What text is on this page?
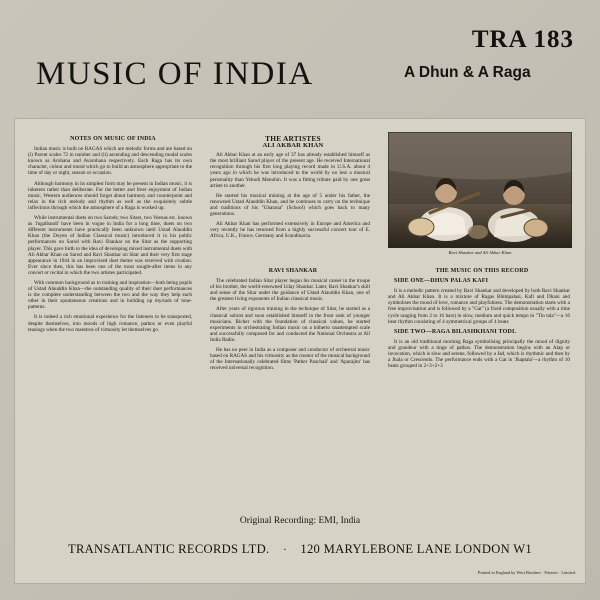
TRA 183
MUSIC OF INDIA	A Dhun & A Raga

NOTES ON MUSIC OF INDIA

Indian music is built on RAGAS which are melodic forms and are based on (i) Parent scales 72 in number and (ii) ascending and descending modal scales known as Arohana and Avarohana respectively. Each Raga has its own character, colour and mood which go to build an atmosphere appropriate to the time of day or night, season or occasion.

Although harmony in its simplest form may be present in Indian music, it is inherent rather than deliberate. For the better and freer enjoyment of Indian music, Western audiences should forget about harmony and counterpoint and relax in the rich melody and rhythm as well as the exquisitely subtle inflections through which the atmosphere of a Raga is worked up.

While instrumental duets on two Sarods; two Sitars, two Veenas etc. known as 'Jugalbandi' have been in vogue in India for a long time, duets on two different instruments have practically been unknown until Ustad Alauddin Khan (the Doyen of Indian Classical music) introduced it in his public performances on Sarod with Ravi Shankar on the Sitar as the supporting player. This gave birth to the idea of developing mixed instrumental duets with Ali Akbar Khan on Sarod and Ravi Shankar on Sitar and their very first stage appearance in 1944 in an improvised duet theme was received with ovation. Ever since then, this has been one of the most sought-after items in any concert or recital in which the two artistes participated.

With common background as to training and inspiration—both being pupils of Ustad Alauddin Khan—the outstanding quality of their duet performances is the complete understanding between the two and the way they help each other in their spontaneous creations and in building up myriads of tone-patterns.

It is indeed a rich emotional experience for the listeners to be transported, despite themselves, into moods of high romance, pathos or even playful teasings when the two maestros of virtuosity let themselves go.

THE ARTISTES

ALI AKBAR KHAN

Ali Akbar Khan at an early age of 37 has already established himself as the most brilliant Sarod player of the present age. He received International recognition through his first long playing record made in U.S.A. about 4 years ago in which he was introduced to the world by no less a musical personality than Yehudi Menuhin. It was a fitting tribute paid by one great artiste to another.

He started his musical training at the age of 5 under his father, the renowned Ustad Alauddin Khan, and he continues to carry on the technique and traditions of his "Gharana" (School) which goes back to many generations.

Ali Akbar Khan has performed extensively in Europe and America and very recently he has returned from a highly successful concert tour of E. Africa, U.K., France, Germany and Scandinavia.

RAVI SHANKAR

The celebrated Indian Sitar player began his musical career in the troupe of his brother, the world-renowned Uday Shankar. Later, Ravi Shankar's skill and sense of the Sitar under the guidance of Ustad Alauddin Khan, one of the greatest living exponents of Indian classical music.

After years of rigorous training in the technique of Sitar, he started as a classical soloist and soon established himself in the front rank of younger musicians. Richer with the foundation of classical values, he started experiments in orchestrating Indian music on a hitherto unattempted scale and successfully composed for and conducted the National Orchestra at All India Radio.

He has no peer in India as a composer and conductor of orchestral music based on RAGAS and his virtuosity as the creator of the musical background of the Internationally celebrated films 'Pather Panchali' and 'Aparajito' has received universal recognition.

Ravi Shankar and Ali Akbar Khan

THE MUSIC ON THIS RECORD

SIDE ONE—DHUN PALAS KAFI

It is a melodic pattern created by Ravi Shankar and developed by both Ravi Shankar and Ali Akbar Khan. It is a mixture of Ragas Bhimpalasi, Kafi and Dhani and symbolises the mood of love, romance and playfulness. The demonstration starts with a free improvisation and is followed by a "Gat" (a fixed composition usually with a time cycle ranging from 2 to 16 bars) in slow, medium and quick tempo in "Tin tala"—a 16 beat rhythm consisting of 4 symmetrical groups of 4 beats

SIDE TWO—RAGA BILASHKHANI TODI.

It is an old traditional morning Raga symbolising principally the mood of dignity and grandeur with a tinge of pathos. The demonstration begins with an Alap or invocation, which is slow and serene, followed by a Jad, which is rhythmic and then by a Jhala or Crescendo. The performance ends with a Gat in 'Jhaptala'—a rhythm of 10 beats grouped in 2+3+2+3

Original Recording: EMI, India
TRANSATLANTIC RECORDS LTD. · 120 MARYLEBONE LANE LONDON W1
Printed in England by West Brothers · Printers · Limited.
